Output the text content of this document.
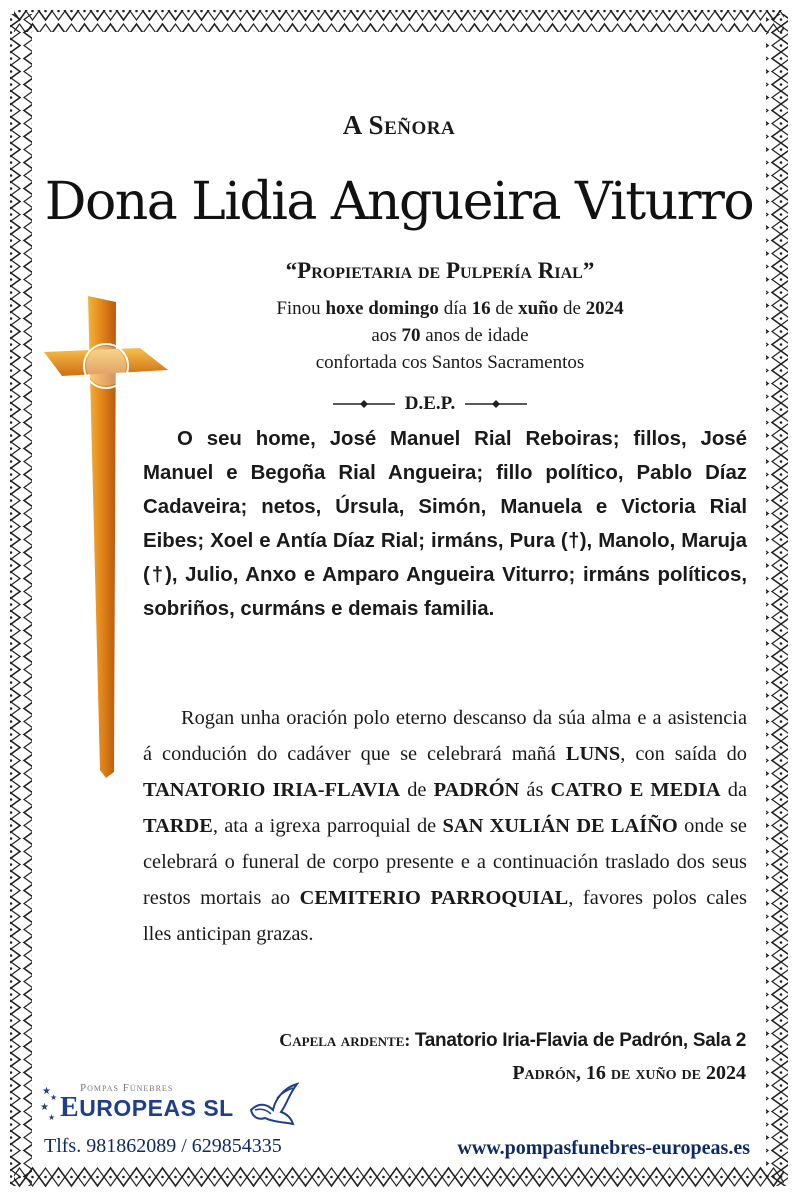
A Señora
Dona Lidia Angueira Viturro
“Propietaria de Pulpería Rial”
Finou hoxe domingo día 16 de xuño de 2024
aos 70 anos de idade
confortada cos Santos Sacramentos
D.E.P.
O seu home, José Manuel Rial Reboiras; fillos, José Manuel e Begoña Rial Angueira; fillo político, Pablo Díaz Cadaveira; netos, Úrsula, Simón, Manuela e Victoria Rial Eibes; Xoel e Antía Díaz Rial; irmáns, Pura (†), Manolo, Maruja (†), Julio, Anxo e Amparo Angueira Viturro; irmáns políticos, sobriños, curmáns e demais familia.
Rogan unha oración polo eterno descanso da súa alma e a asistencia á condución do cadáver que se celebrará mañá LUNS, con saída do TANATORIO IRIA-FLAVIA de PADRÓN ás CATRO E MEDIA da TARDE, ata a igrexa parroquial de SAN XULIÁN DE LAÍÑO onde se celebrará o funeral de corpo presente e a continuación traslado dos seus restos mortais ao CEMITERIO PARROQUIAL, favores polos cales lles anticipan grazas.
Capela ardente: Tanatorio Iria-Flavia de Padrón, Sala 2
Padrón, 16 de xuño de 2024
★
★
★
★
Pompas Fúnebres
EUROPEAS SL
Tlfs. 981862089 / 629854335	www.pompasfunebres-europeas.es
